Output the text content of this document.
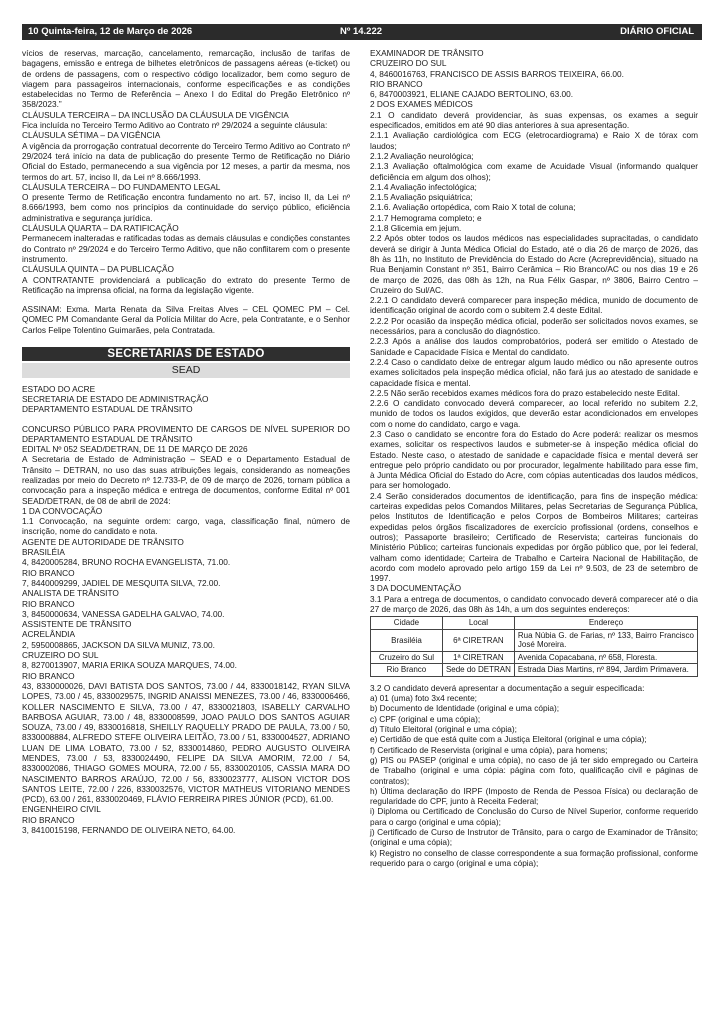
10 Quinta-feira, 12 de Março de 2026	Nº 14.222	DIÁRIO OFICIAL

vícios de reservas, marcação, cancelamento, remarcação, inclusão de tarifas de bagagens, emissão e entrega de bilhetes eletrônicos de passagens aéreas (e-ticket) ou de ordens de passagens, com o respectivo código localizador, bem como seguro de viagem para passageiros internacionais, conforme especificações e as condições estabelecidas no Termo de Referência – Anexo I do Edital do Pregão Eletrônico nº 358/2023.”

CLÁUSULA TERCEIRA – DA INCLUSÃO DA CLÁUSULA DE VIGÊNCIA

Fica incluída no Terceiro Termo Aditivo ao Contrato nº 29/2024 a seguinte cláusula:

CLÁUSULA SÉTIMA – DA VIGÊNCIA

A vigência da prorrogação contratual decorrente do Terceiro Termo Aditivo ao Contrato nº 29/2024 terá início na data de publicação do presente Termo de Retificação no Diário Oficial do Estado, permanecendo a sua vigência por 12 meses, a partir da mesma, nos termos do art. 57, inciso II, da Lei nº 8.666/1993.

CLÁUSULA TERCEIRA – DO FUNDAMENTO LEGAL

O presente Termo de Retificação encontra fundamento no art. 57, inciso II, da Lei nº 8.666/1993, bem como nos princípios da continuidade do serviço público, eficiência administrativa e segurança jurídica.

CLÁUSULA QUARTA – DA RATIFICAÇÃO

Permanecem inalteradas e ratificadas todas as demais cláusulas e condições constantes do Contrato nº 29/2024 e do Terceiro Termo Aditivo, que não conflitarem com o presente instrumento.

CLÁUSULA QUINTA – DA PUBLICAÇÃO

A CONTRATANTE providenciará a publicação do extrato do presente Termo de Retificação na imprensa oficial, na forma da legislação vigente.

ASSINAM: Exma. Marta Renata da Silva Freitas Alves – CEL QOMEC PM – Cel. QOMEC PM Comandante Geral da Polícia Militar do Acre, pela Contratante, e o Senhor Carlos Felipe Tolentino Guimarães, pela Contratada.

SECRETARIAS DE ESTADO
SEAD

ESTADO DO ACRE

SECRETARIA DE ESTADO DE ADMINISTRAÇÃO

DEPARTAMENTO ESTADUAL DE TRÂNSITO

CONCURSO PÚBLICO PARA PROVIMENTO DE CARGOS DE NÍVEL SUPERIOR DO DEPARTAMENTO ESTADUAL DE TRÂNSITO

EDITAL Nº 052 SEAD/DETRAN, DE 11 DE MARÇO DE 2026

A Secretaria de Estado de Administração – SEAD e o Departamento Estadual de Trânsito – DETRAN, no uso das suas atribuições legais, considerando as nomeações realizadas por meio do Decreto nº 12.733-P, de 09 de março de 2026, tornam pública a convocação para a inspeção médica e entrega de documentos, conforme Edital nº 001 SEAD/DETRAN, de 08 de abril de 2024:

1 DA CONVOCAÇÃO

1.1 Convocação, na seguinte ordem: cargo, vaga, classificação final, número de inscrição, nome do candidato e nota.

AGENTE DE AUTORIDADE DE TRÂNSITO

BRASILÉIA

4, 8420005284, BRUNO ROCHA EVANGELISTA, 71.00.

RIO BRANCO

7, 8440009299, JADIEL DE MESQUITA SILVA, 72.00.

ANALISTA DE TRÂNSITO

RIO BRANCO

3, 8450000634, VANESSA GADELHA GALVAO, 74.00.

ASSISTENTE DE TRÂNSITO

ACRELÂNDIA

2, 5950008865, JACKSON DA SILVA MUNIZ, 73.00.

CRUZEIRO DO SUL

8, 8270013907, MARIA ERIKA SOUZA MARQUES, 74.00.

RIO BRANCO

43, 8330000026, DAVI BATISTA DOS SANTOS, 73.00 / 44, 8330018142, RYAN SILVA LOPES, 73.00 / 45, 8330029575, INGRID ANAISSI MENEZES, 73.00 / 46, 8330006466, KOLLER NASCIMENTO E SILVA, 73.00 / 47, 8330021803, ISABELLY CARVALHO BARBOSA AGUIAR, 73.00 / 48, 8330008599, JOAO PAULO DOS SANTOS AGUIAR SOUZA, 73.00 / 49, 8330016818, SHEILLY RAQUELLY PRADO DE PAULA, 73.00 / 50, 8330008884, ALFREDO STEFE OLIVEIRA LEITÃO, 73.00 / 51, 8330004527, ADRIANO LUAN DE LIMA LOBATO, 73.00 / 52, 8330014860, PEDRO AUGUSTO OLIVEIRA MENDES, 73.00 / 53, 8330024490, FELIPE DA SILVA AMORIM, 72.00 / 54, 8330002086, THIAGO GOMES MOURA, 72.00 / 55, 8330020105, CASSIA MARA DO NASCIMENTO BARROS ARAÚJO, 72.00 / 56, 8330023777, ALISON VICTOR DOS SANTOS LEITE, 72.00 / 226, 8330032576, VICTOR MATHEUS VITORIANO MENDES (PCD), 63.00 / 261, 8330020469, FLÁVIO FERREIRA PIRES JÚNIOR (PCD), 61.00.

ENGENHEIRO CIVIL

RIO BRANCO

3, 8410015198, FERNANDO DE OLIVEIRA NETO, 64.00.

EXAMINADOR DE TRÂNSITO

CRUZEIRO DO SUL

4, 8460016763, FRANCISCO DE ASSIS BARROS TEIXEIRA, 66.00.

RIO BRANCO

6, 8470003921, ELIANE CAJADO BERTOLINO, 63.00.

2 DOS EXAMES MÉDICOS

2.1 O candidato deverá providenciar, às suas expensas, os exames a seguir especificados, emitidos em até 90 dias anteriores à sua apresentação.

2.1.1 Avaliação cardiológica com ECG (eletrocardiograma) e Raio X de tórax com laudos;

2.1.2 Avaliação neurológica;

2.1.3 Avaliação oftalmológica com exame de Acuidade Visual (informando qualquer deficiência em algum dos olhos);

2.1.4 Avaliação infectológica;

2.1.5 Avaliação psiquiátrica;

2.1.6. Avaliação ortopédica, com Raio X total de coluna;

2.1.7 Hemograma completo; e

2.1.8 Glicemia em jejum.

2.2 Após obter todos os laudos médicos nas especialidades supracitadas, o candidato deverá se dirigir à Junta Médica Oficial do Estado, até o dia 26 de março de 2026, das 8h às 11h, no Instituto de Previdência do Estado do Acre (Acreprevidência), situado na Rua Benjamin Constant nº 351, Bairro Cerâmica – Rio Branco/AC ou nos dias 19 e 26 de março de 2026, das 08h às 12h, na Rua Félix Gaspar, nº 3806, Bairro Centro – Cruzeiro do Sul/AC.

2.2.1 O candidato deverá comparecer para inspeção médica, munido de documento de identificação original de acordo com o subitem 2.4 deste Edital.

2.2.2 Por ocasião da inspeção médica oficial, poderão ser solicitados novos exames, se necessários, para a conclusão do diagnóstico.

2.2.3 Após a análise dos laudos comprobatórios, poderá ser emitido o Atestado de Sanidade e Capacidade Física e Mental do candidato.

2.2.4 Caso o candidato deixe de entregar algum laudo médico ou não apresente outros exames solicitados pela inspeção médica oficial, não fará jus ao atestado de sanidade e capacidade física e mental.

2.2.5 Não serão recebidos exames médicos fora do prazo estabelecido neste Edital.

2.2.6 O candidato convocado deverá comparecer, ao local referido no subitem 2.2, munido de todos os laudos exigidos, que deverão estar acondicionados em envelopes com o nome do candidato, cargo e vaga.

2.3 Caso o candidato se encontre fora do Estado do Acre poderá: realizar os mesmos exames, solicitar os respectivos laudos e submeter-se à inspeção médica oficial do Estado. Neste caso, o atestado de sanidade e capacidade física e mental deverá ser entregue pelo próprio candidato ou por procurador, legalmente habilitado para esse fim, à Junta Médica Oficial do Estado do Acre, com cópias autenticadas dos laudos médicos, para ser homologado.

2.4 Serão considerados documentos de identificação, para fins de inspeção médica: carteiras expedidas pelos Comandos Militares, pelas Secretarias de Segurança Pública, pelos Institutos de Identificação e pelos Corpos de Bombeiros Militares; carteiras expedidas pelos órgãos fiscalizadores de exercício profissional (ordens, conselhos e outros); Passaporte brasileiro; Certificado de Reservista; carteiras funcionais do Ministério Público; carteiras funcionais expedidas por órgão público que, por lei federal, valham como identidade; Carteira de Trabalho e Carteira Nacional de Habilitação, de acordo com modelo aprovado pelo artigo 159 da Lei nº 9.503, de 23 de setembro de 1997.

3 DA DOCUMENTAÇÃO

3.1 Para a entrega de documentos, o candidato convocado deverá comparecer até o dia 27 de março de 2026, das 08h às 14h, a um dos seguintes endereços:

Cidade	Local	Endereço
Brasiléia	6ª CIRETRAN	Rua Núbia G. de Farias, nº 133, Bairro Francisco José Moreira.
Cruzeiro do Sul	1ª CIRETRAN	Avenida Copacabana, nº 658, Floresta.
Rio Branco	Sede do DETRAN	Estrada Dias Martins, nº 894, Jardim Primavera.

3.2 O candidato deverá apresentar a documentação a seguir especificada:

a) 01 (uma) foto 3x4 recente;

b) Documento de Identidade (original e uma cópia);

c) CPF (original e uma cópia);

d) Título Eleitoral (original e uma cópia);

e) Certidão de que está quite com a Justiça Eleitoral (original e uma cópia);

f) Certificado de Reservista (original e uma cópia), para homens;

g) PIS ou PASEP (original e uma cópia), no caso de já ter sido empregado ou Carteira de Trabalho (original e uma cópia: página com foto, qualificação civil e páginas de contratos);

h) Última declaração do IRPF (Imposto de Renda de Pessoa Física) ou declaração de regularidade do CPF, junto à Receita Federal;

i) Diploma ou Certificado de Conclusão do Curso de Nível Superior, conforme requerido para o cargo (original e uma cópia);

j) Certificado de Curso de Instrutor de Trânsito, para o cargo de Examinador de Trânsito; (original e uma cópia);

k) Registro no conselho de classe correspondente a sua formação profissional, conforme requerido para o cargo (original e uma cópia);
